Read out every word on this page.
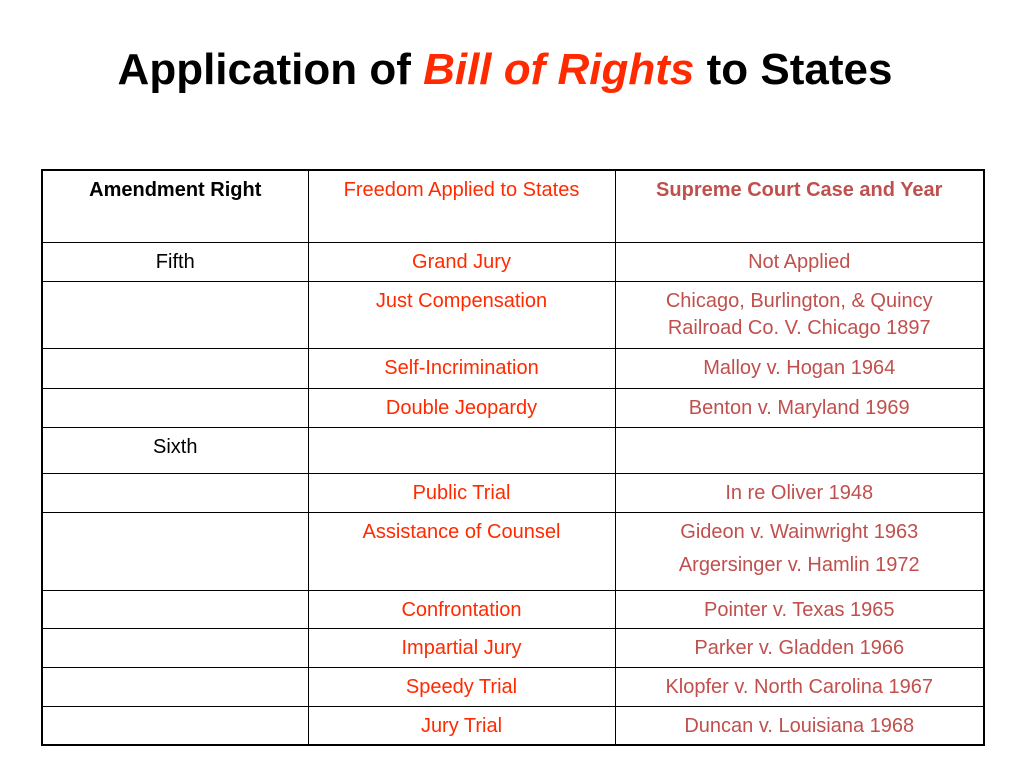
Application of Bill of Rights to States
Amendment Right	Freedom Applied to States	Supreme Court Case and Year
Fifth	Grand Jury	Not Applied
	Just Compensation	Chicago, Burlington, & Quincy
Railroad Co. V. Chicago 1897

	Self-Incrimination	Malloy v. Hogan 1964
	Double Jeopardy	Benton v. Maryland 1969
Sixth		
	Public Trial	In re Oliver 1948
	Assistance of Counsel	Gideon v. Wainwright 1963
Argersinger v. Hamlin 1972

	Confrontation	Pointer v. Texas 1965
	Impartial Jury	Parker v. Gladden 1966
	Speedy Trial	Klopfer v. North Carolina 1967
	Jury Trial	Duncan v. Louisiana 1968
